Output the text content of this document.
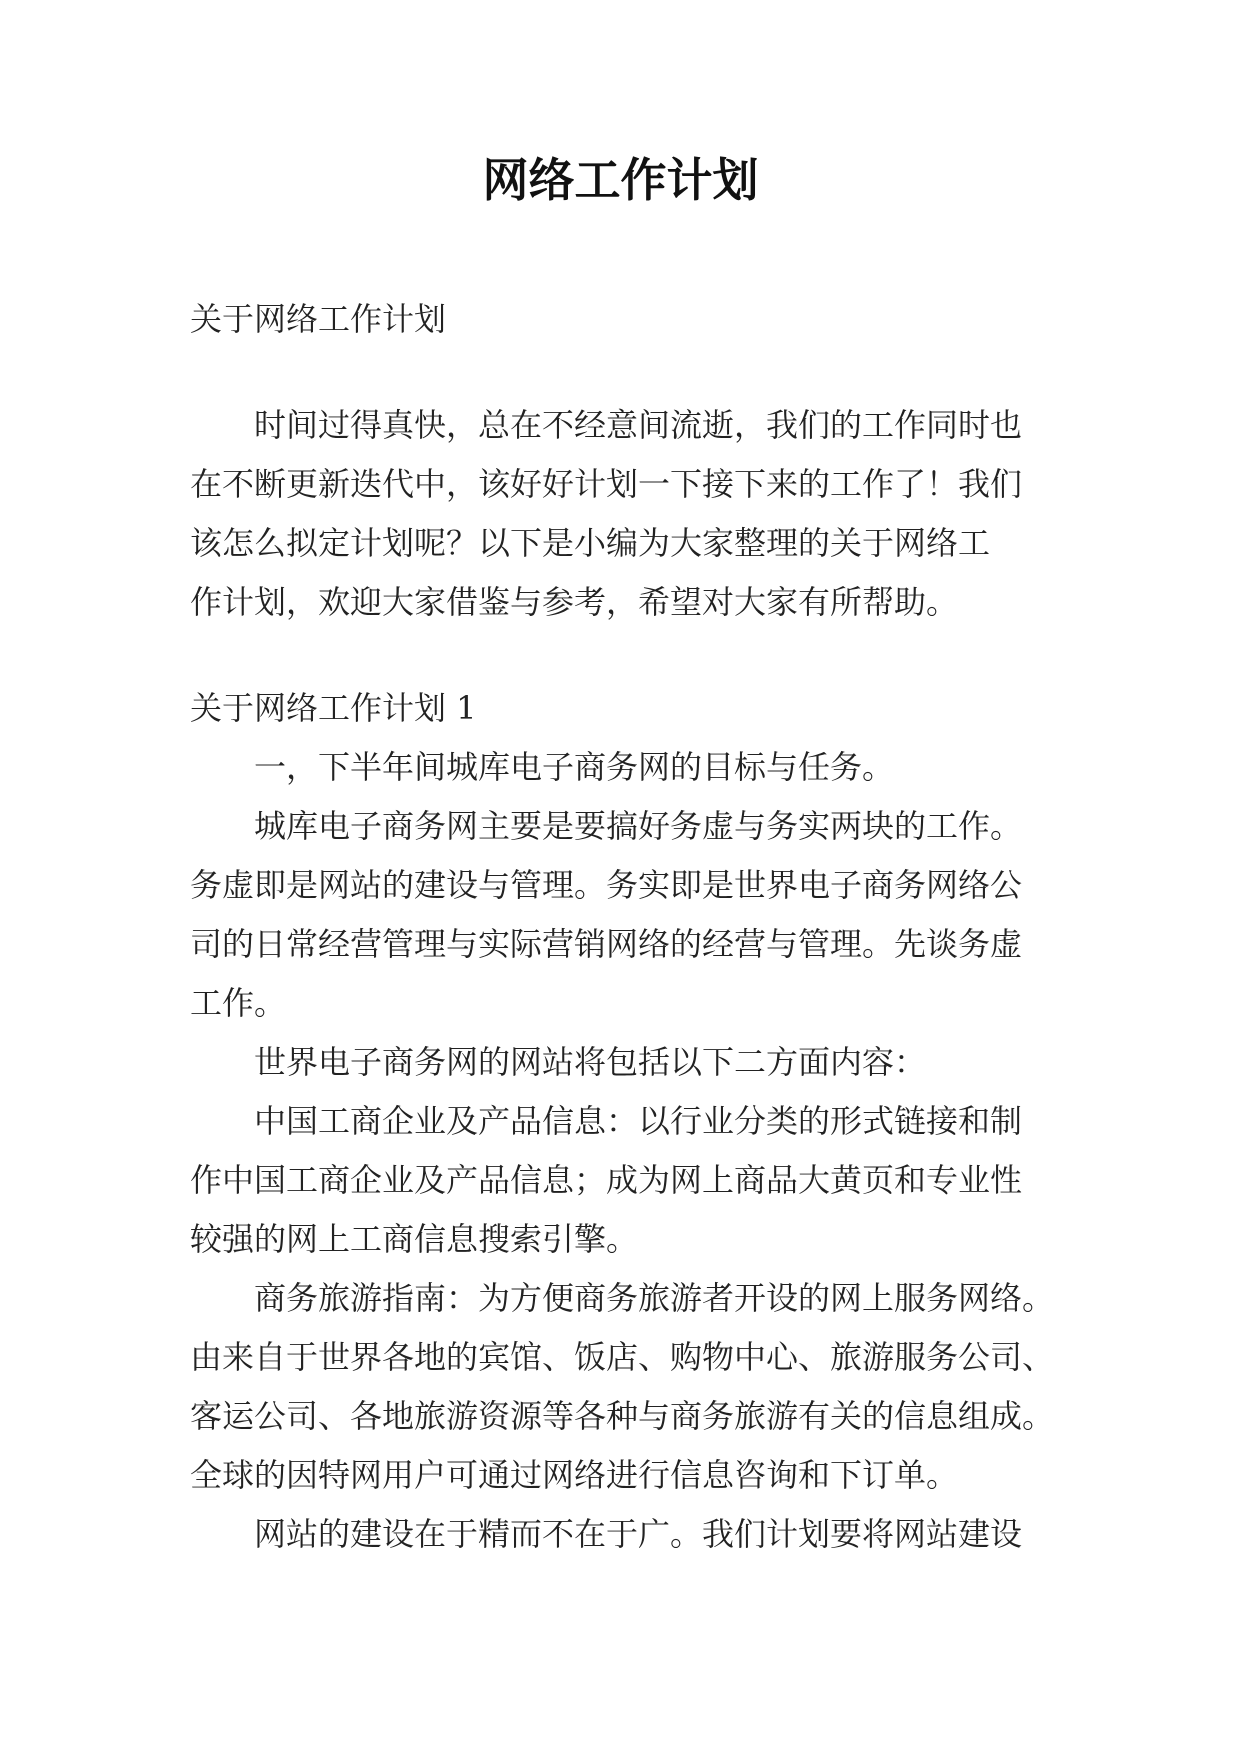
网络工作计划

关于网络工作计划

时间过得真快，总在不经意间流逝，我们的工作同时也

在不断更新迭代中，该好好计划一下接下来的工作了！我们

该怎么拟定计划呢？以下是小编为大家整理的关于网络工

作计划，欢迎大家借鉴与参考，希望对大家有所帮助。

关于网络工作计划 1

一，下半年间城库电子商务网的目标与任务。

城库电子商务网主要是要搞好务虚与务实两块的工作。

务虚即是网站的建设与管理。务实即是世界电子商务网络公

司的日常经营管理与实际营销网络的经营与管理。先谈务虚

工作。

世界电子商务网的网站将包括以下二方面内容：

中国工商企业及产品信息：以行业分类的形式链接和制

作中国工商企业及产品信息；成为网上商品大黄页和专业性

较强的网上工商信息搜索引擎。

商务旅游指南：为方便商务旅游者开设的网上服务网络。

由来自于世界各地的宾馆、饭店、购物中心、旅游服务公司、

客运公司、各地旅游资源等各种与商务旅游有关的信息组成。

全球的因特网用户可通过网络进行信息咨询和下订单。

网站的建设在于精而不在于广。我们计划要将网站建设
